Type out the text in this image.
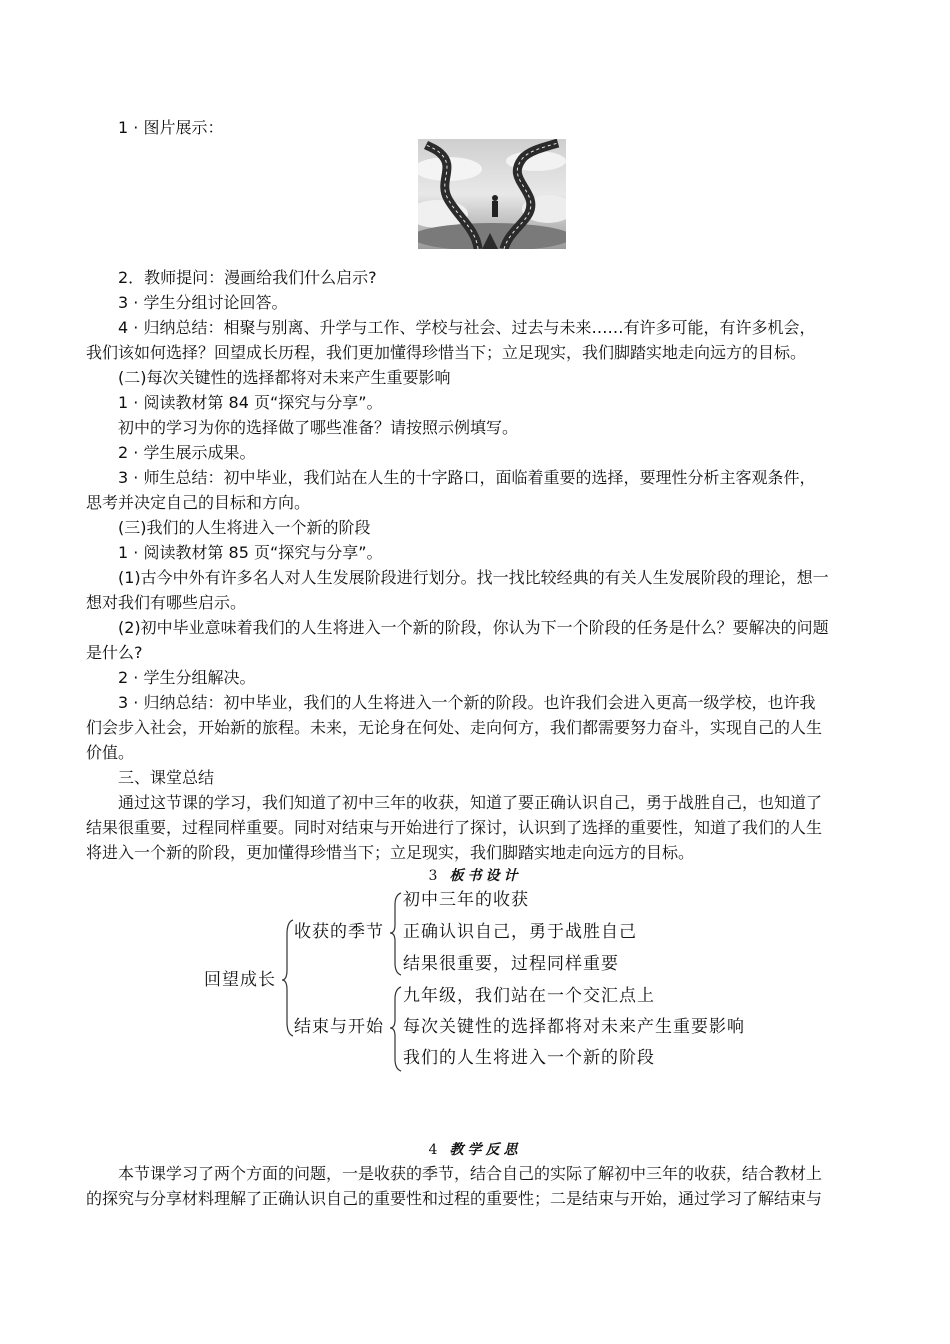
1 · 图片展示：
2．教师提问：漫画给我们什么启示?
3 · 学生分组讨论回答。
4 · 归纳总结：相聚与别离、升学与工作、学校与社会、过去与未来……有许多可能，有许多机会，
我们该如何选择？回望成长历程，我们更加懂得珍惜当下；立足现实，我们脚踏实地走向远方的目标。
(二)每次关键性的选择都将对未来产生重要影响
1 · 阅读教材第 84 页“探究与分享”。
初中的学习为你的选择做了哪些准备？请按照示例填写。
2 · 学生展示成果。
3 · 师生总结：初中毕业，我们站在人生的十字路口，面临着重要的选择，要理性分析主客观条件，
思考并决定自己的目标和方向。
(三)我们的人生将进入一个新的阶段
1 · 阅读教材第 85 页“探究与分享”。
(1)古今中外有许多名人对人生发展阶段进行划分。找一找比较经典的有关人生发展阶段的理论，想一
想对我们有哪些启示。
(2)初中毕业意味着我们的人生将进入一个新的阶段，你认为下一个阶段的任务是什么？要解决的问题
是什么?
2 · 学生分组解决。
3 · 归纳总结：初中毕业，我们的人生将进入一个新的阶段。也许我们会进入更高一级学校，也许我
们会步入社会，开始新的旅程。未来，无论身在何处、走向何方，我们都需要努力奋斗，实现自己的人生
价值。
三、课堂总结
通过这节课的学习，我们知道了初中三年的收获，知道了要正确认识自己，勇于战胜自己，也知道了
结果很重要，过程同样重要。同时对结束与开始进行了探讨，认识到了选择的重要性，知道了我们的人生
将进入一个新的阶段，更加懂得珍惜当下；立足现实，我们脚踏实地走向远方的目标。
3 板书设计
回望成长
收获的季节
结束与开始
初中三年的收获
正确认识自己，勇于战胜自己
结果很重要，过程同样重要
九年级，我们站在一个交汇点上
每次关键性的选择都将对未来产生重要影响
我们的人生将进入一个新的阶段
4 教学反思
本节课学习了两个方面的问题，一是收获的季节，结合自己的实际了解初中三年的收获，结合教材上
的探究与分享材料理解了正确认识自己的重要性和过程的重要性；二是结束与开始，通过学习了解结束与
